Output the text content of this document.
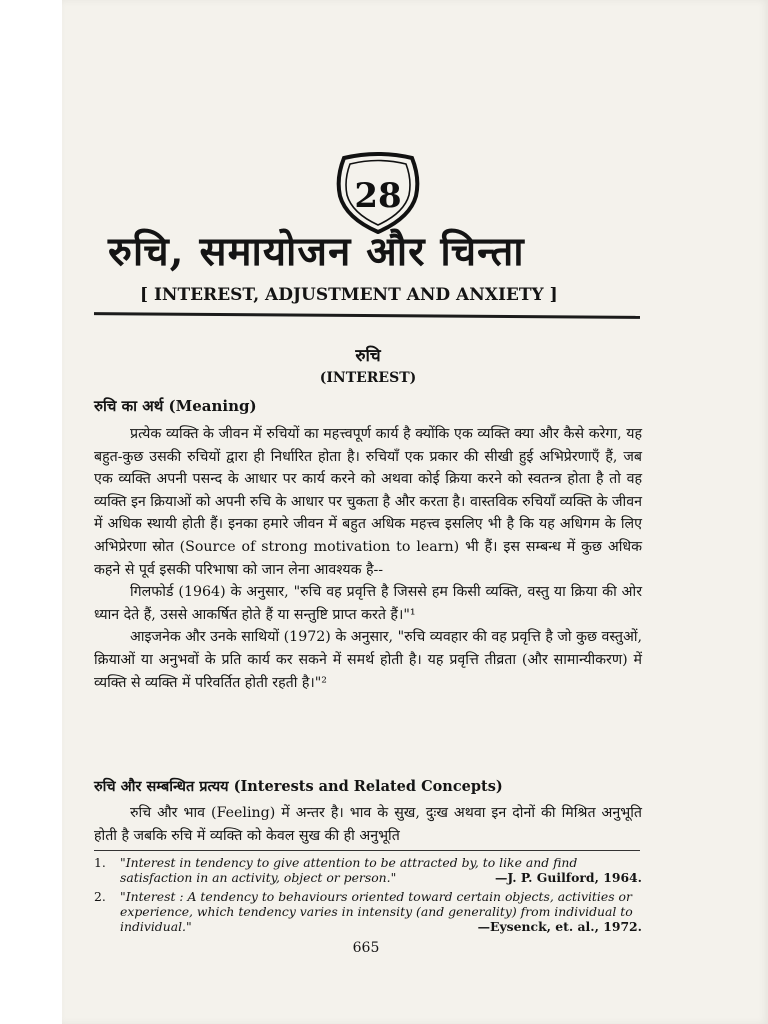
28
रुचि, समायोजन और चिन्ता
[ INTEREST, ADJUSTMENT AND ANXIETY ]
रुचि
(INTEREST)
रुचि का अर्थ (Meaning)

प्रत्येक व्यक्ति के जीवन में रुचियों का महत्त्वपूर्ण कार्य है क्योंकि एक व्यक्ति क्या और कैसे करेगा, यह बहुत-कुछ उसकी रुचियों द्वारा ही निर्धारित होता है। रुचियाँ एक प्रकार की सीखी हुई अभिप्रेरणाएँ हैं, जब एक व्यक्ति अपनी पसन्द के आधार पर कार्य करने को अथवा कोई क्रिया करने को स्वतन्त्र होता है तो वह व्यक्ति इन क्रियाओं को अपनी रुचि के आधार पर चुकता है और करता है। वास्तविक रुचियाँ व्यक्ति के जीवन में अधिक स्थायी होती हैं। इनका हमारे जीवन में बहुत अधिक महत्त्व इसलिए भी है कि यह अधिगम के लिए अभिप्रेरणा स्रोत (Source of strong motivation to learn) भी हैं। इस सम्बन्ध में कुछ अधिक कहने से पूर्व इसकी परिभाषा को जान लेना आवश्यक है--

गिलफोर्ड (1964) के अनुसार, "रुचि वह प्रवृत्ति है जिससे हम किसी व्यक्ति, वस्तु या क्रिया की ओर ध्यान देते हैं, उससे आकर्षित होते हैं या सन्तुष्टि प्राप्त करते हैं।"¹

आइजनेक और उनके साथियों (1972) के अनुसार, "रुचि व्यवहार की वह प्रवृत्ति है जो कुछ वस्तुओं, क्रियाओं या अनुभवों के प्रति कार्य कर सकने में समर्थ होती है। यह प्रवृत्ति तीव्रता (और सामान्यीकरण) में व्यक्ति से व्यक्ति में परिवर्तित होती रहती है।"²

रुचि और सम्बन्धित प्रत्यय (Interests and Related Concepts)

रुचि और भाव (Feeling) में अन्तर है। भाव के सुख, दुःख अथवा इन दोनों की मिश्रित अनुभूति होती है जबकि रुचि में व्यक्ति को केवल सुख की ही अनुभूति

1. "Interest in tendency to give attention to be attracted by, to like and find satisfaction in an activity, object or person."	—J. P. Guilford, 1964.
2. "Interest : A tendency to behaviours oriented toward certain objects, activities or experience, which tendency varies in intensity (and generality) from individual to individual."	—Eysenck, et. al., 1972.
665
